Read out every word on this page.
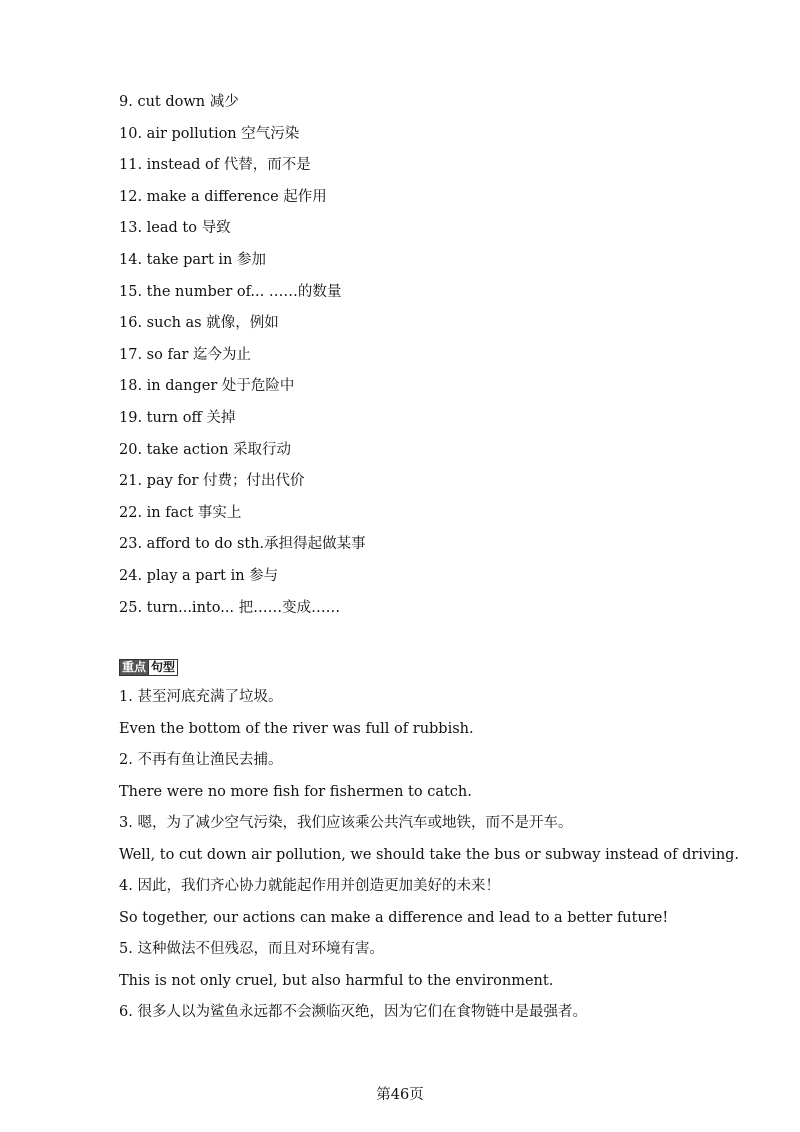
9. cut down 减少
10. air pollution 空气污染
11. instead of 代替，而不是
12. make a difference 起作用
13. lead to 导致
14. take part in 参加
15. the number of... ……的数量
16. such as 就像，例如
17. so far 迄今为止
18. in danger 处于危险中
19. turn off 关掉
20. take action 采取行动
21. pay for 付费；付出代价
22. in fact 事实上
23. afford to do sth.承担得起做某事
24. play a part in 参与
25. turn...into... 把……变成……
重点 句型
1. 甚至河底充满了垃圾。
Even the bottom of the river was full of rubbish.
2. 不再有鱼让渔民去捕。
There were no more fish for fishermen to catch.
3. 嗯，为了减少空气污染，我们应该乘公共汽车或地铁，而不是开车。
Well, to cut down air pollution, we should take the bus or subway instead of driving.
4. 因此，我们齐心协力就能起作用并创造更加美好的未来！
So together, our actions can make a difference and lead to a better future!
5. 这种做法不但残忍，而且对环境有害。
This is not only cruel, but also harmful to the environment.
6. 很多人以为鲨鱼永远都不会濒临灭绝，因为它们在食物链中是最强者。
第46页
